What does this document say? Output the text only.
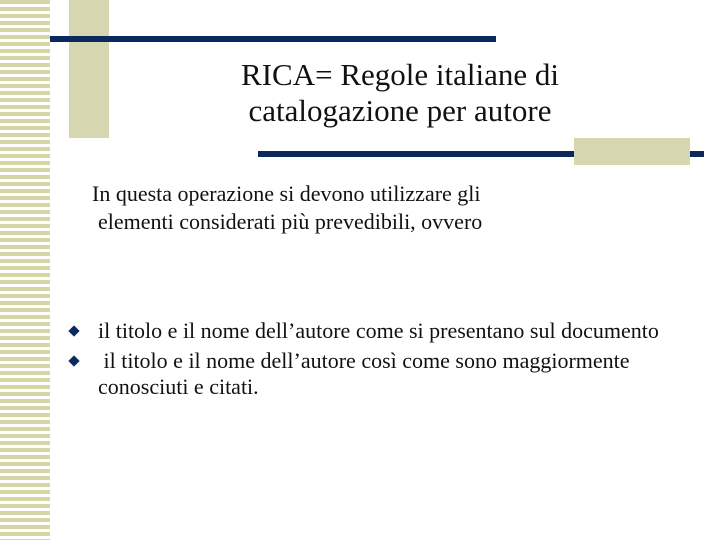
RICA= Regole italiane di
catalogazione per autore

In questa operazione si devono utilizzare gli
elementi considerati più prevedibili, ovvero

il titolo e il nome dell’autore come si presentano sul documento
il titolo e il nome dell’autore così come sono maggiormente  conosciuti e citati.
